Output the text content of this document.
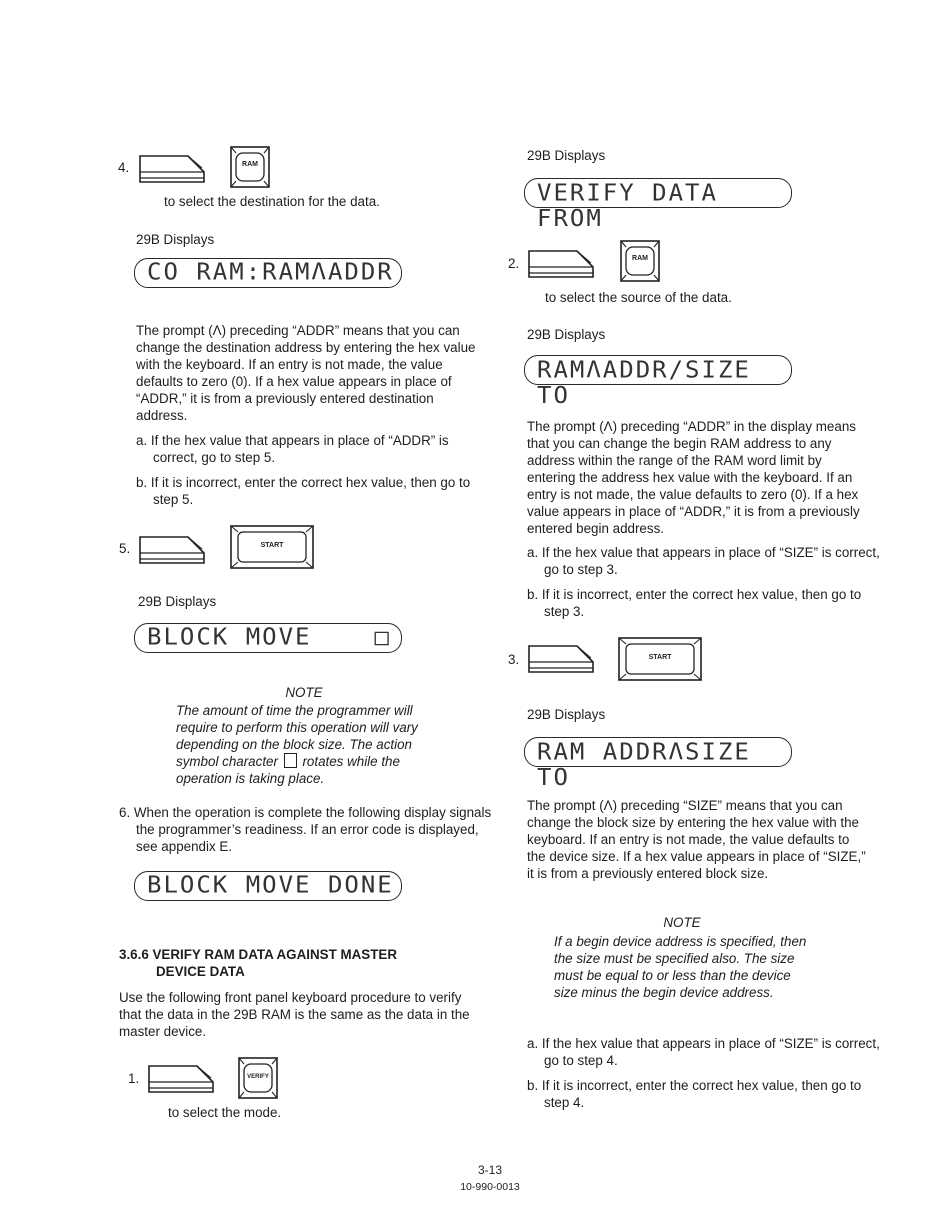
4.	RAM
to select the destination for the data.
29B Displays
CO RAM:RAMΛADDR
The prompt (Λ) preceding “ADDR” means that you can change the destination address by entering the hex value with the keyboard. If an entry is not made, the value defaults to zero (0). If a hex value appears in place of “ADDR,” it is from a previously entered destination address.
a. If the hex value that appears in place of “ADDR” is correct, go to step 5.
b. If it is incorrect, enter the correct hex value, then go to step 5.
5.	START
29B Displays
BLOCK MOVE	□
NOTE
The amount of time the programmer will require to perform this operation will vary depending on the block size. The action symbol character rotates while the operation is taking place.
6. When the operation is complete the following display signals the programmer’s readiness. If an error code is displayed, see appendix E.
BLOCK MOVE DONE
3.6.6 VERIFY RAM DATA AGAINST MASTER
DEVICE DATA
Use the following front panel keyboard procedure to verify that the data in the 29B RAM is the same as the data in the master device.
1.	VERIFY
to select the mode.
29B Displays
VERIFY DATA FROM
2.	RAM
to select the source of the data.
29B Displays
RAMΛADDR/SIZE TO
The prompt (Λ) preceding “ADDR” in the display means that you can change the begin RAM address to any address within the range of the RAM word limit by entering the address hex value with the keyboard. If an entry is not made, the value defaults to zero (0). If a hex value appears in place of “ADDR,” it is from a previously entered begin address.
a. If the hex value that appears in place of “SIZE” is correct, go to step 3.
b. If it is incorrect, enter the correct hex value, then go to step 3.
3.	START
29B Displays
RAM ADDRΛSIZE TO
The prompt (Λ) preceding “SIZE” means that you can change the block size by entering the hex value with the keyboard. If an entry is not made, the value defaults to the device size. If a hex value appears in place of “SIZE,” it is from a previously entered block size.
NOTE
If a begin device address is specified, then the size must be specified also. The size must be equal to or less than the device size minus the begin device address.
a. If the hex value that appears in place of “SIZE” is correct, go to step 4.
b. If it is incorrect, enter the correct hex value, then go to step 4.
3-13
10-990-0013
